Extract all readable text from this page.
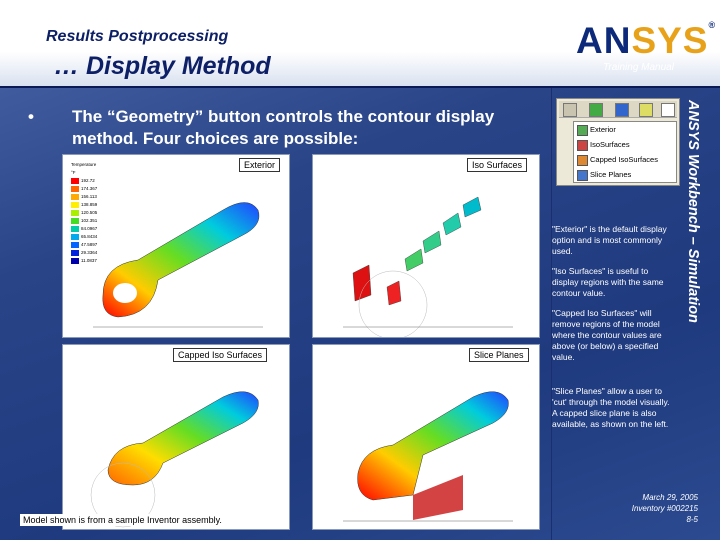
Results Postprocessing
… Display Method
ANSYS®
Training Manual
• The “Geometry” button controls the contour display method. Four choices are possible:
Temperature
°F
192.72
174.367
156.113
138.859
120.505
102.351
84.0967
65.8434
47.5897
29.3364
11.0837
Exterior	Iso Surfaces
Capped Iso Surfaces	Slice Planes
Exterior
IsoSurfaces
Capped IsoSurfaces
Slice Planes
"Exterior" is the default display option and is most commonly used.
"Iso Surfaces" is useful to display regions with the same contour value.
"Capped Iso Surfaces" will remove regions of the model where the contour values are above (or below) a specified value.
"Slice Planes" allow a user to 'cut' through the model visually. A capped slice plane is also available, as shown on the left.
ANSYS Workbench – Simulation
Model shown is from a sample Inventor assembly.
March 29, 2005
Inventory #002215
8-5
